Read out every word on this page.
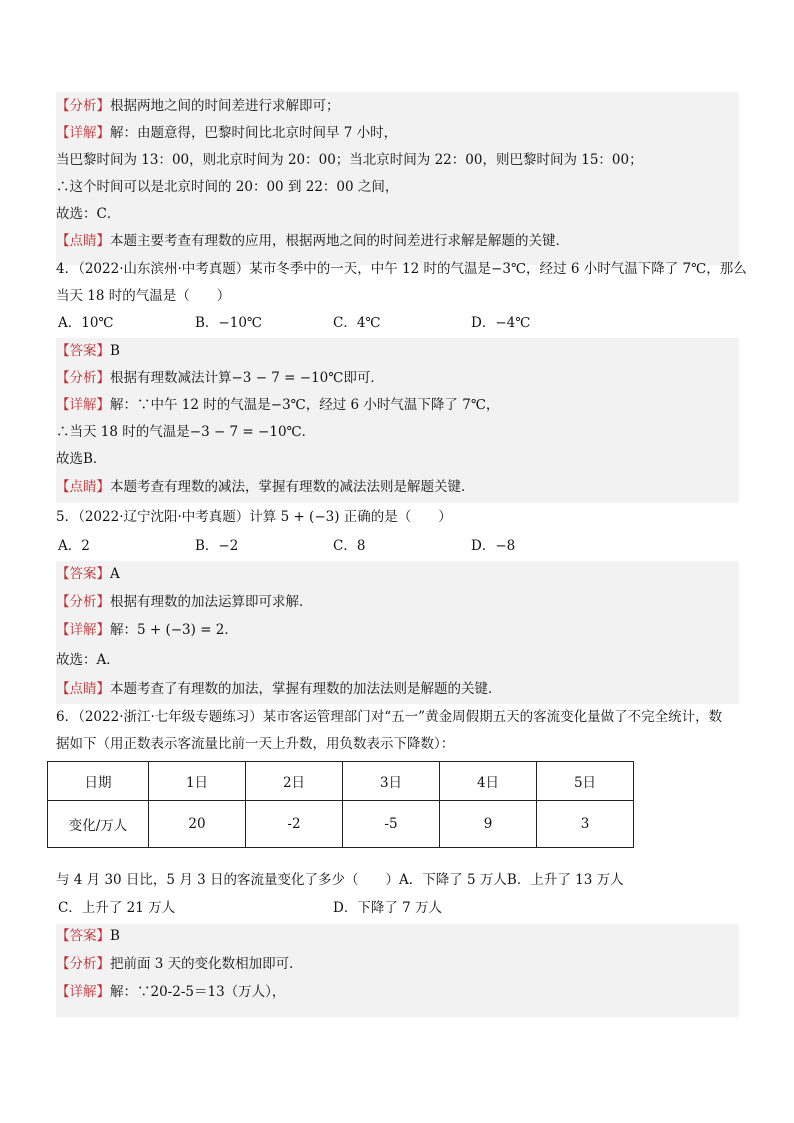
【分析】根据两地之间的时间差进行求解即可；
【详解】解：由题意得，巴黎时间比北京时间早 7 小时，
当巴黎时间为 13：00，则北京时间为 20：00；当北京时间为 22：00，则巴黎时间为 15：00；
∴这个时间可以是北京时间的 20：00 到 22：00 之间，
故选：C．
【点睛】本题主要考查有理数的应用，根据两地之间的时间差进行求解是解题的关键．
4．（2022·山东滨州·中考真题）某市冬季中的一天，中午 12 时的气温是−3℃，经过 6 小时气温下降了 7℃，那么
当天 18 时的气温是（　　）
A．10℃	B．−10℃	C．4℃	D．−4℃
【答案】B
【分析】根据有理数减法计算−3 − 7 = −10℃即可．
【详解】解：∵中午 12 时的气温是−3℃，经过 6 小时气温下降了 7℃，
∴当天 18 时的气温是−3 − 7 = −10℃．
故选B．
【点睛】本题考查有理数的减法，掌握有理数的减法法则是解题关键．
5．（2022·辽宁沈阳·中考真题）计算 5 + (−3) 正确的是（　　）
A．2	B．−2	C．8	D．−8
【答案】A
【分析】根据有理数的加法运算即可求解．
【详解】解：5 + (−3) = 2．
故选：A．
【点睛】本题考查了有理数的加法，掌握有理数的加法法则是解题的关键．
6．（2022·浙江·七年级专题练习）某市客运管理部门对“五一”黄金周假期五天的客流变化量做了不完全统计，数
据如下（用正数表示客流量比前一天上升数，用负数表示下降数）：
日期	1日	2日	3日	4日	5日
变化/万人	20	-2	-5	9	3
与 4 月 30 日比，5 月 3 日的客流量变化了多少（　　）A．下降了 5 万人B．上升了 13 万人
C．上升了 21 万人	D．下降了 7 万人
【答案】B
【分析】把前面 3 天的变化数相加即可．
【详解】解：∵20-2-5＝13（万人），
